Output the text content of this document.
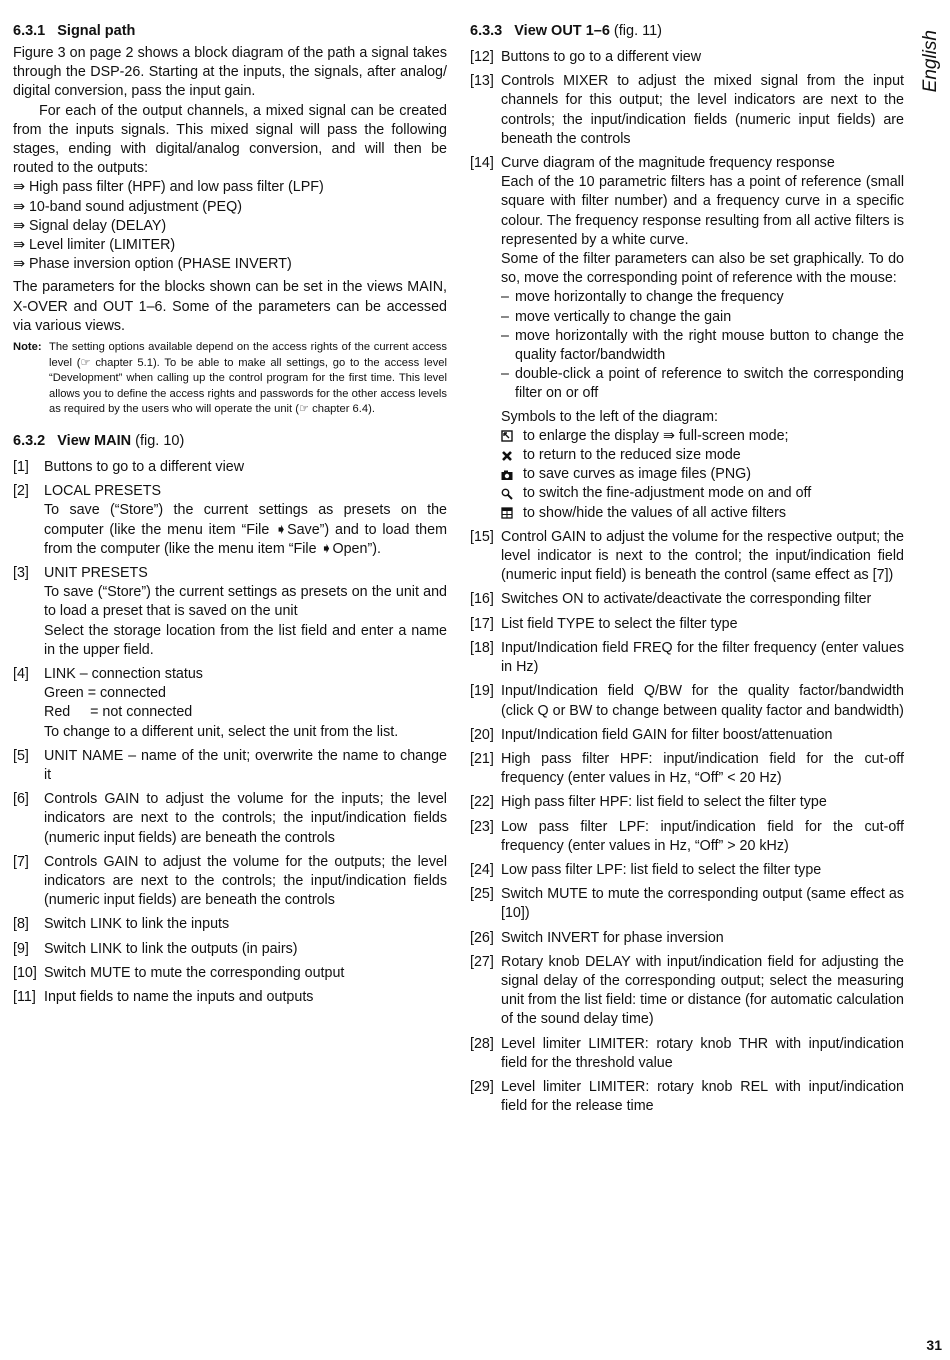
English
31
6.3.1 Signal path

Figure 3 on page 2 shows a block diagram of the path a signal takes through the DSP-26. Starting at the inputs, the signals, after analog/ digital conversion, pass the input gain.

For each of the output channels, a mixed signal can be created from the inputs signals. This mixed signal will pass the following stages, ending with digital/analog conversion, and will then be routed to the outputs:

⇛ High pass filter (HPF) and low pass filter (LPF)
⇛ 10-band sound adjustment (PEQ)
⇛ Signal delay (DELAY)
⇛ Level limiter (LIMITER)
⇛ Phase inversion option (PHASE INVERT)

The parameters for the blocks shown can be set in the views MAIN, X-OVER and OUT 1–6. Some of the parameters can be accessed via various views.

Note: The setting options available depend on the access rights of the current access level (☞ chapter 5.1). To be able to make all settings, go to the access level “Development” when calling up the control program for the first time. This level allows you to define the access rights and passwords for the other access levels as required by the users who will operate the unit (☞ chapter 6.4).
6.3.2 View MAIN (fig. 10)
[1]	Buttons to go to a different view
[2]	LOCAL PRESETS
To save (“Store”) the current settings as presets on the computer (like the menu item “File ➧Save”) and to load them from the computer (like the menu item “File ➧Open”).
[3]	UNIT PRESETS
To save (“Store”) the current settings as presets on the unit and to load a preset that is saved on the unit
Select the storage location from the list field and enter a name in the upper field.
[4]	LINK – connection status
Green = connected
Red     = not connected
To change to a different unit, select the unit from the list.
[5]	UNIT NAME – name of the unit; overwrite the name to change it
[6]	Controls GAIN to adjust the volume for the inputs; the level indicators are next to the controls; the input/indication fields (numeric input fields) are beneath the controls
[7]	Controls GAIN to adjust the volume for the outputs; the level indicators are next to the controls; the input/indication fields (numeric input fields) are beneath the controls
[8]	Switch LINK to link the inputs
[9]	Switch LINK to link the outputs (in pairs)
[10] Switch MUTE to mute the corresponding output
[11] Input fields to name the inputs and outputs
6.3.3 View OUT 1–6 (fig. 11)
[12] Buttons to go to a different view
[13] Controls MIXER to adjust the mixed signal from the input channels for this output; the level indicators are next to the controls; the input/indication fields (numeric input fields) are beneath the controls
[14] Curve diagram of the magnitude frequency response
Each of the 10 parametric filters has a point of reference (small square with filter number) and a frequency curve in a specific colour. The frequency response resulting from all active filters is represented by a white curve.
Some of the filter parameters can also be set graphically. To do so, move the corresponding point of reference with the mouse:
– move horizontally to change the frequency
– move vertically to change the gain
– move horizontally with the right mouse button to change the quality factor/bandwidth
– double-click a point of reference to switch the corresponding filter on or off
Symbols to the left of the diagram:
to enlarge the display ⇛ full-screen mode;
to return to the reduced size mode
to save curves as image files (PNG)
to switch the fine-adjustment mode on and off
to show/hide the values of all active filters
[15] Control GAIN to adjust the volume for the respective output; the level indicator is next to the control; the input/indication field (numeric input field) is beneath the control (same effect as [7])
[16] Switches ON to activate/deactivate the corresponding filter
[17] List field TYPE to select the filter type
[18] Input/Indication field FREQ for the filter frequency (enter values in Hz)
[19] Input/Indication field Q/BW for the quality factor/bandwidth (click Q or BW to change between quality factor and bandwidth)
[20] Input/Indication field GAIN for filter boost/attenuation
[21] High pass filter HPF: input/indication field for the cut-off frequency (enter values in Hz, “Off” < 20 Hz)
[22] High pass filter HPF: list field to select the filter type
[23] Low pass filter LPF: input/indication field for the cut-off frequency (enter values in Hz, “Off” > 20 kHz)
[24] Low pass filter LPF: list field to select the filter type
[25] Switch MUTE to mute the corresponding output (same effect as [10])
[26] Switch INVERT for phase inversion
[27] Rotary knob DELAY with input/indication field for adjusting the signal delay of the corresponding output; select the measuring unit from the list field: time or distance (for automatic calculation of the sound delay time)
[28] Level limiter LIMITER: rotary knob THR with input/indication field for the threshold value
[29] Level limiter LIMITER: rotary knob REL with input/indication field for the release time
